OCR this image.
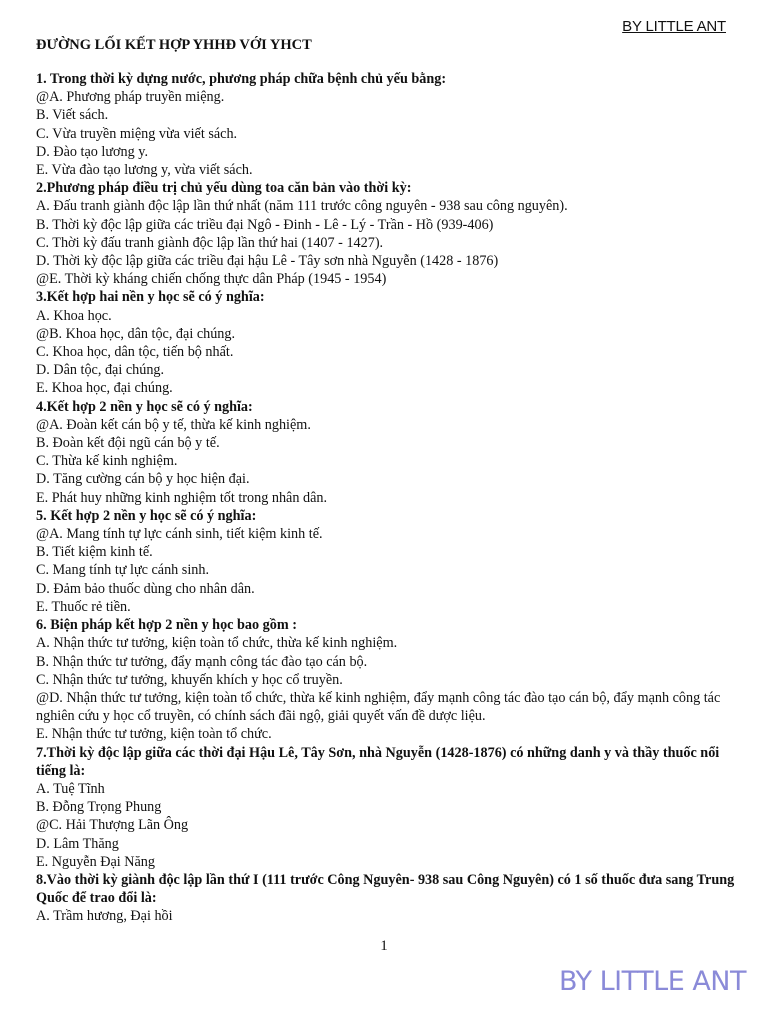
BY LITTLE ANT
ĐƯỜNG LỐI KẾT HỢP YHHĐ VỚI YHCT
1. Trong thời kỳ dựng nước, phương pháp chữa bệnh chủ yếu bằng:
@A. Phương pháp truyền miệng.
B. Viết sách.
C. Vừa truyền miệng vừa viết sách.
D. Đào tạo lương y.
E. Vừa đào tạo lương y, vừa viết sách.
2.Phương pháp điều trị chủ yếu dùng toa căn bản vào thời kỳ:
A. Đấu tranh giành độc lập lần thứ nhất (năm 111 trước công nguyên - 938 sau công nguyên).
B. Thời kỳ độc lập giữa các triều đại Ngô - Đinh - Lê - Lý - Trần - Hồ (939-406)
C. Thời kỳ đấu tranh giành độc lập lần thứ hai (1407 - 1427).
D. Thời kỳ độc lập giữa các triều đại hậu Lê - Tây sơn nhà Nguyễn (1428 - 1876)
@E. Thời kỳ kháng chiến chống thực dân Pháp (1945 - 1954)
3.Kết hợp hai nền y học sẽ có ý nghĩa:
A. Khoa học.
@B. Khoa học, dân tộc, đại chúng.
C. Khoa học, dân tộc, tiến bộ nhất.
D. Dân tộc, đại chúng.
E. Khoa học, đại chúng.
4.Kết hợp 2 nền y học sẽ có ý nghĩa:
@A. Đoàn kết cán bộ y tế, thừa kế kinh nghiệm.
B. Đoàn kết đội ngũ cán bộ y tế.
C. Thừa kế kinh nghiệm.
D. Tăng cường cán bộ y học hiện đại.
E. Phát huy những kinh nghiệm tốt trong nhân dân.
5. Kết hợp 2 nền y học sẽ có ý nghĩa:
@A. Mang tính tự lực cánh sinh, tiết kiệm kinh tế.
B. Tiết kiệm kinh tế.
C. Mang tính tự lực cánh sinh.
D. Đảm bảo thuốc dùng cho nhân dân.
E. Thuốc rẻ tiền.
6. Biện pháp kết hợp 2 nền y học bao gồm :
A. Nhận thức tư tưởng, kiện toàn tổ chức, thừa kế kinh nghiệm.
B. Nhận thức tư tưởng, đẩy mạnh công tác đào tạo cán bộ.
C. Nhận thức tư tưởng, khuyến khích y học cổ truyền.
@D. Nhận thức tư tưởng, kiện toàn tổ chức, thừa kế kinh nghiệm, đẩy mạnh công tác đào tạo cán bộ, đẩy mạnh công tác nghiên cứu y học cổ truyền, có chính sách đãi ngộ, giải quyết vấn đề dược liệu.
E. Nhận thức tư tưởng, kiện toàn tổ chức.
7.Thời kỳ độc lập giữa các thời đại Hậu Lê, Tây Sơn, nhà Nguyễn (1428-1876) có những danh y và thầy thuốc nổi tiếng là:
A. Tuệ Tĩnh
B. Đỗng Trọng Phung
@C. Hải Thượng Lãn Ông
D. Lâm Thăng
E. Nguyễn Đại Năng
8.Vào thời kỳ giành độc lập lần thứ I (111 trước Công Nguyên- 938 sau Công Nguyên) có 1 số thuốc đưa sang Trung Quốc để trao đổi là:
A. Trầm hương, Đại hồi
1
BY LITTLE ANT
